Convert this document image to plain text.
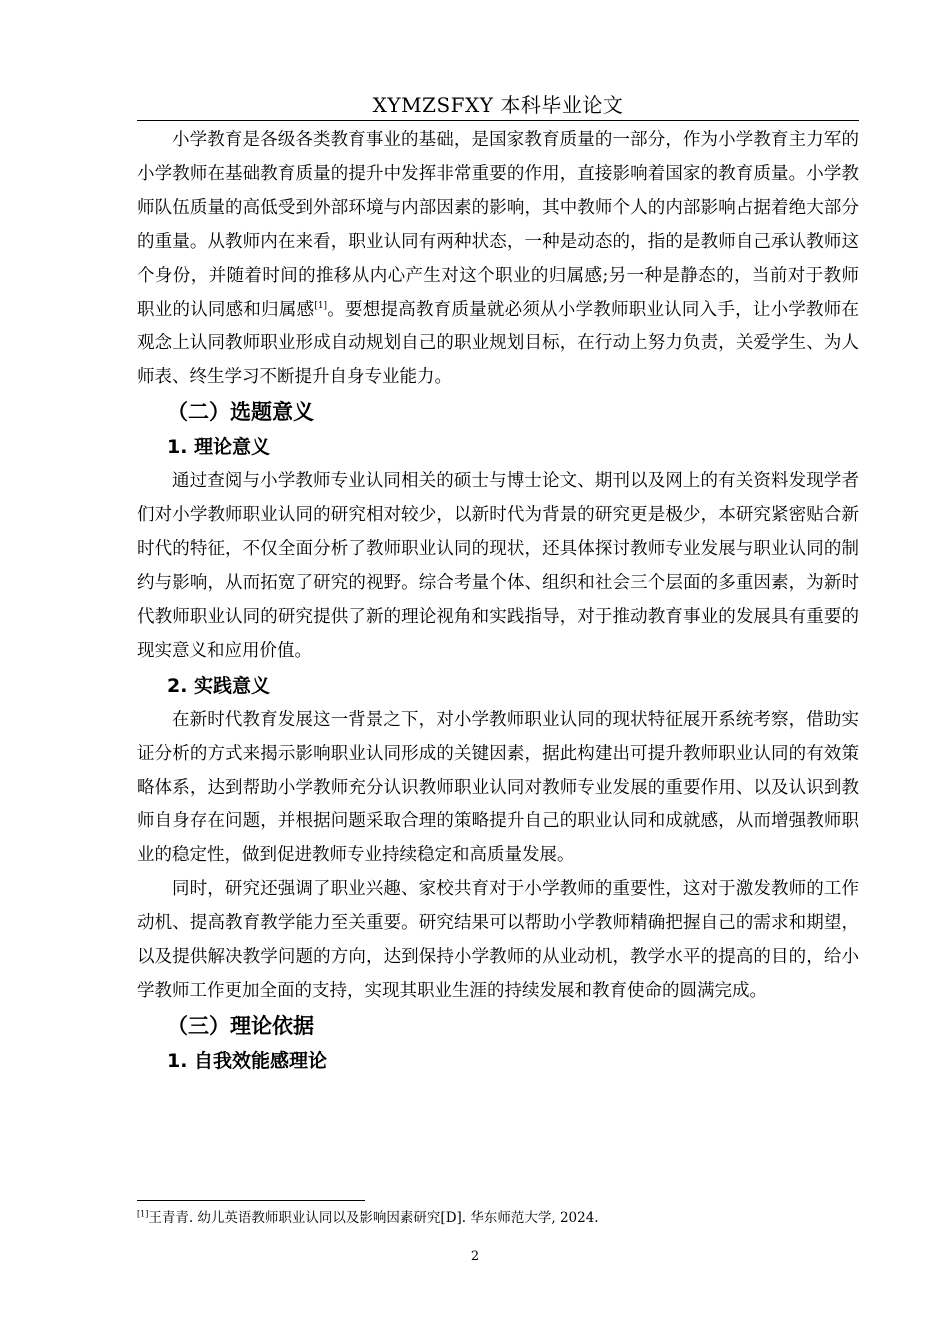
XYMZSFXY 本科毕业论文

小学教育是各级各类教育事业的基础，是国家教育质量的一部分，作为小学教育主力军的小学教师在基础教育质量的提升中发挥非常重要的作用，直接影响着国家的教育质量。小学教师队伍质量的高低受到外部环境与内部因素的影响，其中教师个人的内部影响占据着绝大部分的重量。从教师内在来看，职业认同有两种状态，一种是动态的，指的是教师自己承认教师这个身份，并随着时间的推移从内心产生对这个职业的归属感;另一种是静态的，当前对于教师职业的认同感和归属感[1]。要想提高教育质量就必须从小学教师职业认同入手，让小学教师在观念上认同教师职业形成自动规划自己的职业规划目标，在行动上努力负责，关爱学生、为人师表、终生学习不断提升自身专业能力。

（二）选题意义
1. 理论意义

通过查阅与小学教师专业认同相关的硕士与博士论文、期刊以及网上的有关资料发现学者们对小学教师职业认同的研究相对较少，以新时代为背景的研究更是极少，本研究紧密贴合新时代的特征，不仅全面分析了教师职业认同的现状，还具体探讨教师专业发展与职业认同的制约与影响，从而拓宽了研究的视野。综合考量个体、组织和社会三个层面的多重因素，为新时代教师职业认同的研究提供了新的理论视角和实践指导，对于推动教育事业的发展具有重要的现实意义和应用价值。

2. 实践意义

在新时代教育发展这一背景之下，对小学教师职业认同的现状特征展开系统考察，借助实证分析的方式来揭示影响职业认同形成的关键因素，据此构建出可提升教师职业认同的有效策略体系，达到帮助小学教师充分认识教师职业认同对教师专业发展的重要作用、以及认识到教师自身存在问题，并根据问题采取合理的策略提升自己的职业认同和成就感，从而增强教师职业的稳定性，做到促进教师专业持续稳定和高质量发展。

同时，研究还强调了职业兴趣、家校共育对于小学教师的重要性，这对于激发教师的工作动机、提高教育教学能力至关重要。研究结果可以帮助小学教师精确把握自己的需求和期望，以及提供解决教学问题的方向，达到保持小学教师的从业动机，教学水平的提高的目的，给小学教师工作更加全面的支持，实现其职业生涯的持续发展和教育使命的圆满完成。

（三）理论依据
1. 自我效能感理论
[1]王青青. 幼儿英语教师职业认同以及影响因素研究[D]. 华东师范大学, 2024.
2
